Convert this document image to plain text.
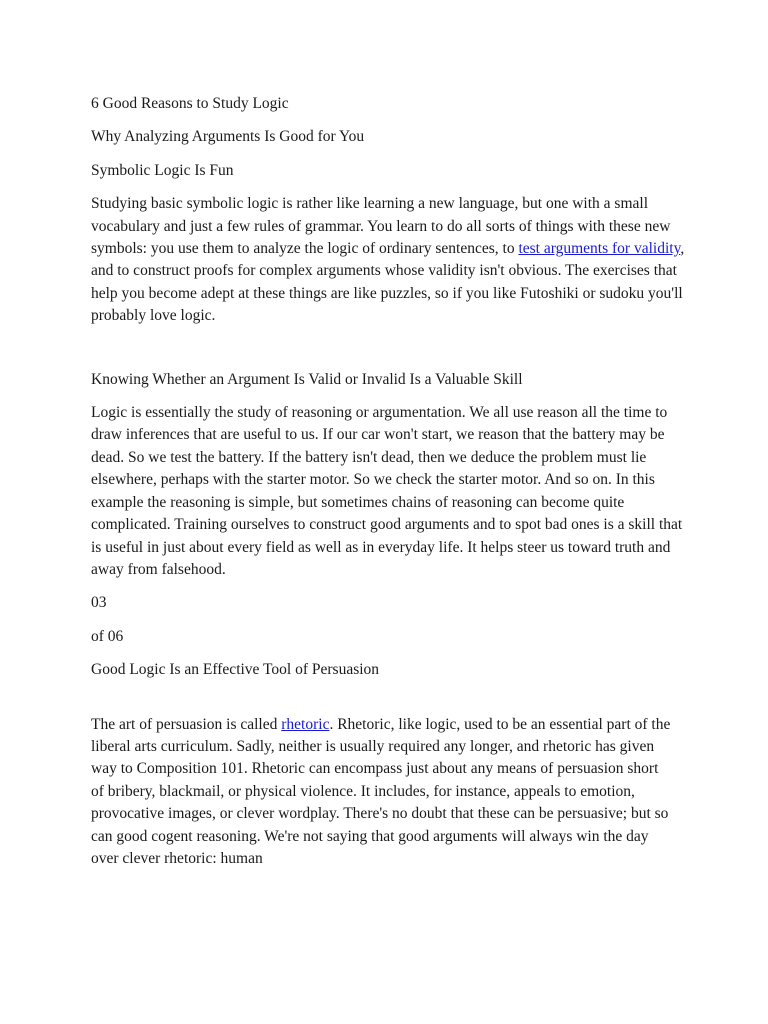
6 Good Reasons to Study Logic

Why Analyzing Arguments Is Good for You

Symbolic Logic Is Fun

Studying basic symbolic logic is rather like learning a new language, but one with a small vocabulary and just a few rules of grammar. You learn to do all sorts of things with these new symbols: you use them to analyze the logic of ordinary sentences, to test arguments for validity, and to construct proofs for complex arguments whose validity isn't obvious. The exercises that help you become adept at these things are like puzzles, so if you like Futoshiki or sudoku you'll probably love logic.

Knowing Whether an Argument Is Valid or Invalid Is a Valuable Skill

Logic is essentially the study of reasoning or argumentation. We all use reason all the time to draw inferences that are useful to us. If our car won't start, we reason that the battery may be dead. So we test the battery. If the battery isn't dead, then we deduce the problem must lie elsewhere, perhaps with the starter motor. So we check the starter motor. And so on. In this example the reasoning is simple, but sometimes chains of reasoning can become quite complicated. Training ourselves to construct good arguments and to spot bad ones is a skill that is useful in just about every field as well as in everyday life. It helps steer us toward truth and away from falsehood.

03

of 06

Good Logic Is an Effective Tool of Persuasion

The art of persuasion is called rhetoric. Rhetoric, like logic, used to be an essential part of the liberal arts curriculum. Sadly, neither is usually required any longer, and rhetoric has given way to Composition 101. Rhetoric can encompass just about any means of persuasion short of bribery, blackmail, or physical violence. It includes, for instance, appeals to emotion, provocative images, or clever wordplay. There's no doubt that these can be persuasive; but so can good cogent reasoning. We're not saying that good arguments will always win the day over clever rhetoric: human
